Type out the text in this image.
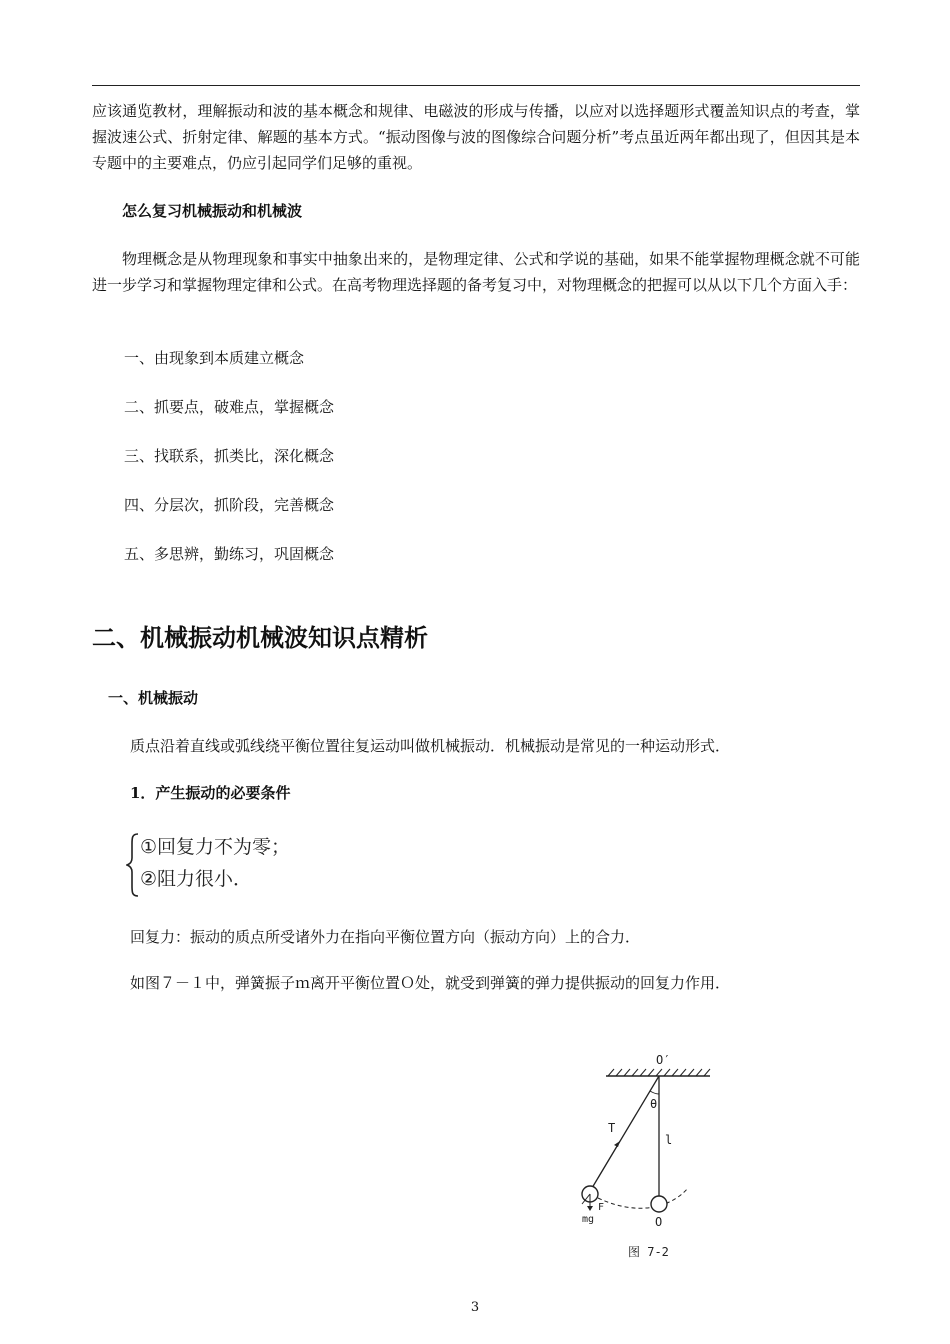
应该通览教材，理解振动和波的基本概念和规律、电磁波的形成与传播，以应对以选择题形式覆盖知识点的考查，掌握波速公式、折射定律、解题的基本方式。“振动图像与波的图像综合问题分析”考点虽近两年都出现了，但因其是本专题中的主要难点，仍应引起同学们足够的重视。

怎么复习机械振动和机械波

物理概念是从物理现象和事实中抽象出来的，是物理定律、公式和学说的基础，如果不能掌握物理概念就不可能进一步学习和掌握物理定律和公式。在高考物理选择题的备考复习中，对物理概念的把握可以从以下几个方面入手：

一、由现象到本质建立概念

二、抓要点，破难点，掌握概念

三、找联系，抓类比，深化概念

四、分层次，抓阶段，完善概念

五、多思辨，勤练习，巩固概念

二、机械振动机械波知识点精析
一、机械振动

质点沿着直线或弧线绕平衡位置往复运动叫做机械振动．机械振动是常见的一种运动形式．

1．产生振动的必要条件

①回复力不为零；
②阻力很小．

回复力：振动的质点所受诸外力在指向平衡位置方向（振动方向）上的合力．

如图７－１中，弹簧振子ｍ离开平衡位置Ｏ处，就受到弹簧的弹力提供振动的回复力作用．

O′
θ
T
l
F
mg	O
图 7-2
3
